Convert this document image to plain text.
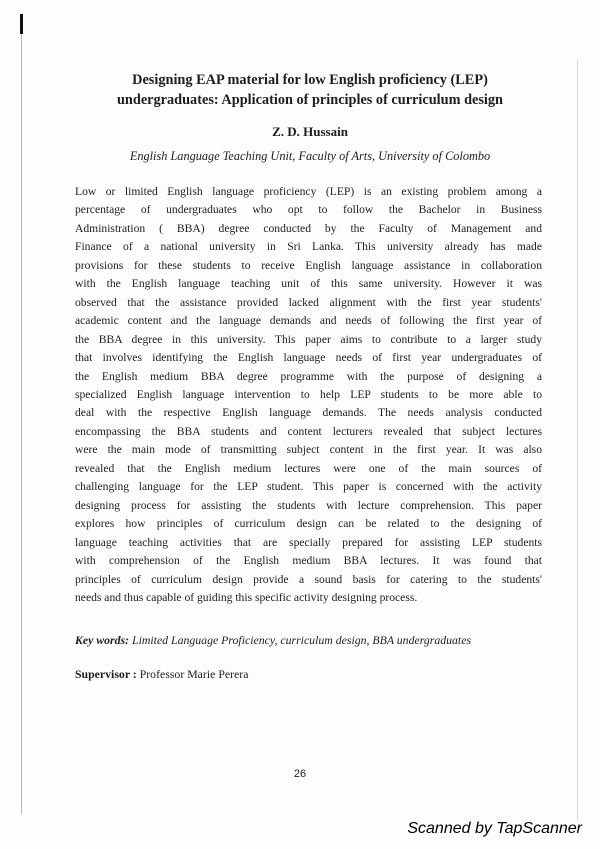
Designing EAP material for low English proficiency (LEP)
undergraduates: Application of principles of curriculum design
Z. D. Hussain
English Language Teaching Unit, Faculty of Arts, University of Colombo
Low or limited English language proficiency (LEP) is an existing problem among a
percentage of undergraduates who opt to follow the Bachelor in Business
Administration ( BBA) degree conducted by the Faculty of Management and
Finance of a national university in Sri Lanka. This university already has made
provisions for these students to receive English language assistance in collaboration
with the English language teaching unit of this same university. However it was
observed that the assistance provided lacked alignment with the first year students'
academic content and the language demands and needs of following the first year of
the BBA degree in this university. This paper aims to contribute to a larger study
that involves identifying the English language needs of first year undergraduates of
the English medium BBA degree programme with the purpose of designing a
specialized English language intervention to help LEP students to be more able to
deal with the respective English language demands. The needs analysis conducted
encompassing the BBA students and content lecturers revealed that subject lectures
were the main mode of transmitting subject content in the first year. It was also
revealed that the English medium lectures were one of the main sources of
challenging language for the LEP student. This paper is concerned with the activity
designing process for assisting the students with lecture comprehension. This paper
explores how principles of curriculum design can be related to the designing of
language teaching activities that are specially prepared for assisting LEP students
with comprehension of the English medium BBA lectures. It was found that
principles of curriculum design provide a sound basis for catering to the students'
needs and thus capable of guiding this specific activity designing process.
Key words: Limited Language Proficiency, curriculum design, BBA undergraduates
Supervisor : Professor Marie Perera
26
Scanned by TapScanner
